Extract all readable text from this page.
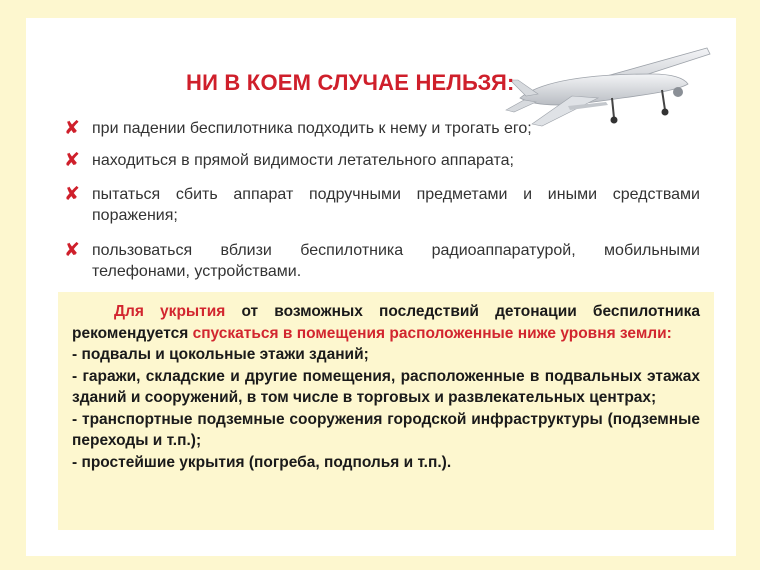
НИ В КОЕМ СЛУЧАЕ НЕЛЬЗЯ:
✘ при падении беспилотника подходить к нему и трогать его;
✘ находиться в прямой видимости летательного аппарата;
✘ пытаться сбить аппарат подручными предметами и иными средствами поражения;
✘ пользоваться вблизи беспилотника радиоаппаратурой, мобильными телефонами, устройствами.

Для укрытия от возможных последствий детонации беспилотника рекомендуется спускаться в помещения расположенные ниже уровня земли:

- подвалы и цокольные этажи зданий;

- гаражи, складские и другие помещения, расположенные в подвальных этажах зданий и сооружений, в том числе в торговых и развлекательных центрах;

- транспортные подземные сооружения городской инфраструктуры (подземные переходы и т.п.);

- простейшие укрытия (погреба, подполья и т.п.).
